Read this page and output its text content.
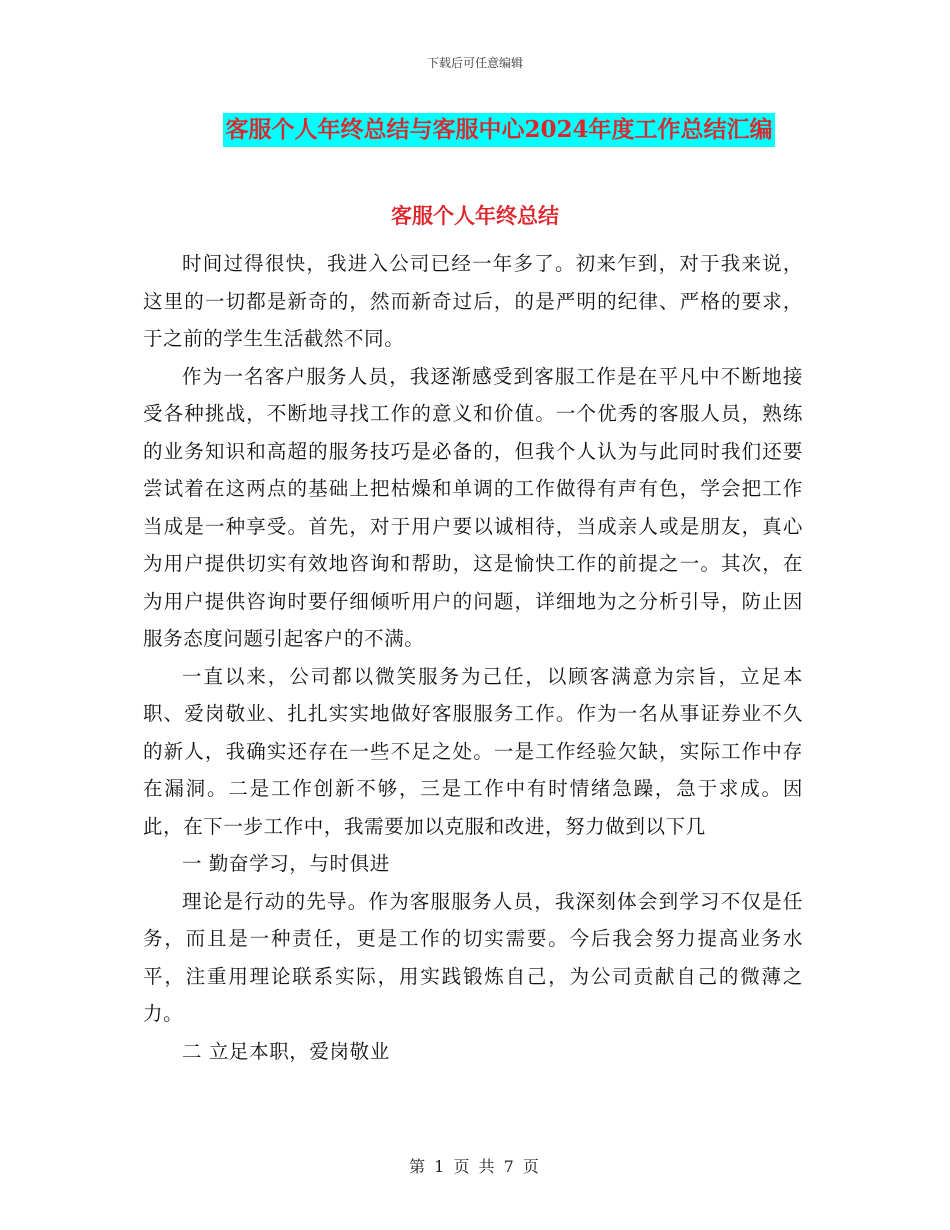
下载后可任意编辑
客服个人年终总结与客服中心2024年度工作总结汇编
客服个人年终总结

时间过得很快，我进入公司已经一年多了。初来乍到，对于我来说，这里的一切都是新奇的，然而新奇过后，的是严明的纪律、严格的要求，于之前的学生生活截然不同。

作为一名客户服务人员，我逐渐感受到客服工作是在平凡中不断地接受各种挑战，不断地寻找工作的意义和价值。一个优秀的客服人员，熟练的业务知识和高超的服务技巧是必备的，但我个人认为与此同时我们还要尝试着在这两点的基础上把枯燥和单调的工作做得有声有色，学会把工作当成是一种享受。首先，对于用户要以诚相待，当成亲人或是朋友，真心为用户提供切实有效地咨询和帮助，这是愉快工作的前提之一。其次，在为用户提供咨询时要仔细倾听用户的问题，详细地为之分析引导，防止因服务态度问题引起客户的不满。

一直以来，公司都以微笑服务为己任，以顾客满意为宗旨，立足本职、爱岗敬业、扎扎实实地做好客服服务工作。作为一名从事证券业不久的新人，我确实还存在一些不足之处。一是工作经验欠缺，实际工作中存在漏洞。二是工作创新不够，三是工作中有时情绪急躁，急于求成。因此，在下一步工作中，我需要加以克服和改进，努力做到以下几

一 勤奋学习，与时俱进

理论是行动的先导。作为客服服务人员，我深刻体会到学习不仅是任务，而且是一种责任，更是工作的切实需要。今后我会努力提高业务水平，注重用理论联系实际，用实践锻炼自己，为公司贡献自己的微薄之力。

二 立足本职，爱岗敬业

第 1 页 共 7 页
